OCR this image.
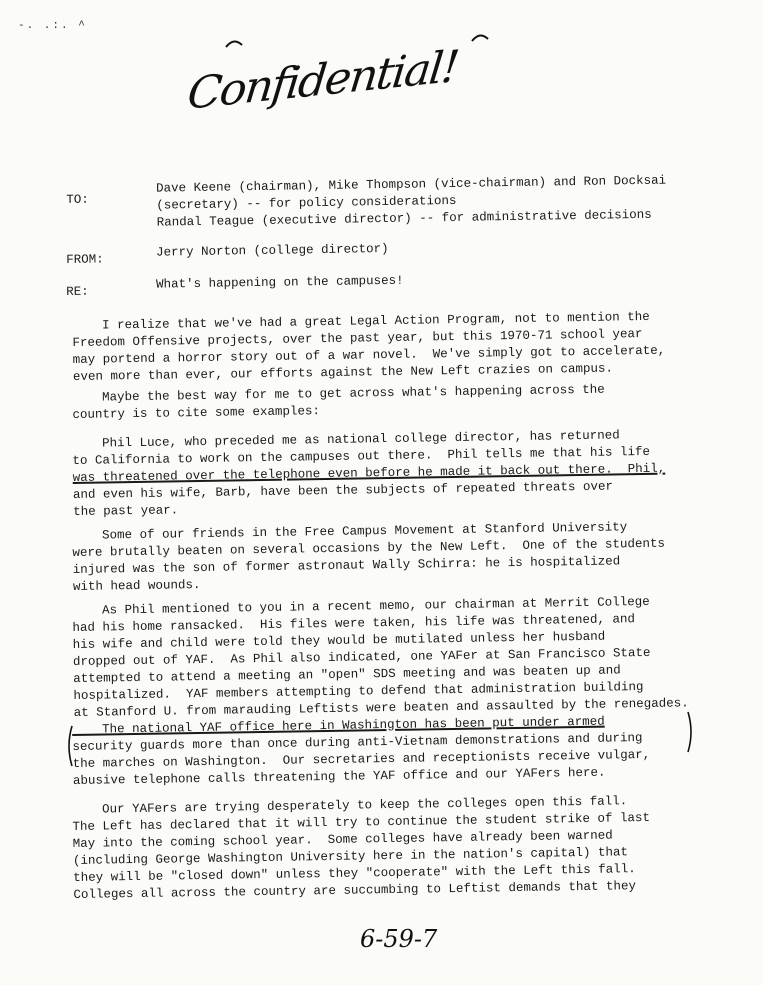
-. .:. ^
Confidential!
TO:
Dave Keene (chairman), Mike Thompson (vice-chairman) and Ron Docksai
(secretary) -- for policy considerations
Randal Teague (executive director) -- for administrative decisions
FROM:
Jerry Norton (college director)
RE:
What's happening on the campuses!
I realize that we've had a great Legal Action Program, not to mention the
Freedom Offensive projects, over the past year, but this 1970-71 school year
may portend a horror story out of a war novel.  We've simply got to accelerate,
even more than ever, our efforts against the New Left crazies on campus.
Maybe the best way for me to get across what's happening across the
country is to cite some examples:
Phil Luce, who preceded me as national college director, has returned
to California to work on the campuses out there.  Phil tells me that his life
was threatened over the telephone even before he made it back out there.  Phil,
and even his wife, Barb, have been the subjects of repeated threats over
the past year.
Some of our friends in the Free Campus Movement at Stanford University
were brutally beaten on several occasions by the New Left.  One of the students
injured was the son of former astronaut Wally Schirra: he is hospitalized
with head wounds.
As Phil mentioned to you in a recent memo, our chairman at Merrit College
had his home ransacked.  His files were taken, his life was threatened, and
his wife and child were told they would be mutilated unless her husband
dropped out of YAF.  As Phil also indicated, one YAFer at San Francisco State
attempted to attend a meeting an "open" SDS meeting and was beaten up and
hospitalized.  YAF members attempting to defend that administration building
at Stanford U. from marauding Leftists were beaten and assaulted by the renegades.
The national YAF office here in Washington has been put under armed
security guards more than once during anti-Vietnam demonstrations and during
the marches on Washington.  Our secretaries and receptionists receive vulgar,
abusive telephone calls threatening the YAF office and our YAFers here.
Our YAFers are trying desperately to keep the colleges open this fall.
The Left has declared that it will try to continue the student strike of last
May into the coming school year.  Some colleges have already been warned
(including George Washington University here in the nation's capital) that
they will be "closed down" unless they "cooperate" with the Left this fall.
Colleges all across the country are succumbing to Leftist demands that they
6-59-7
